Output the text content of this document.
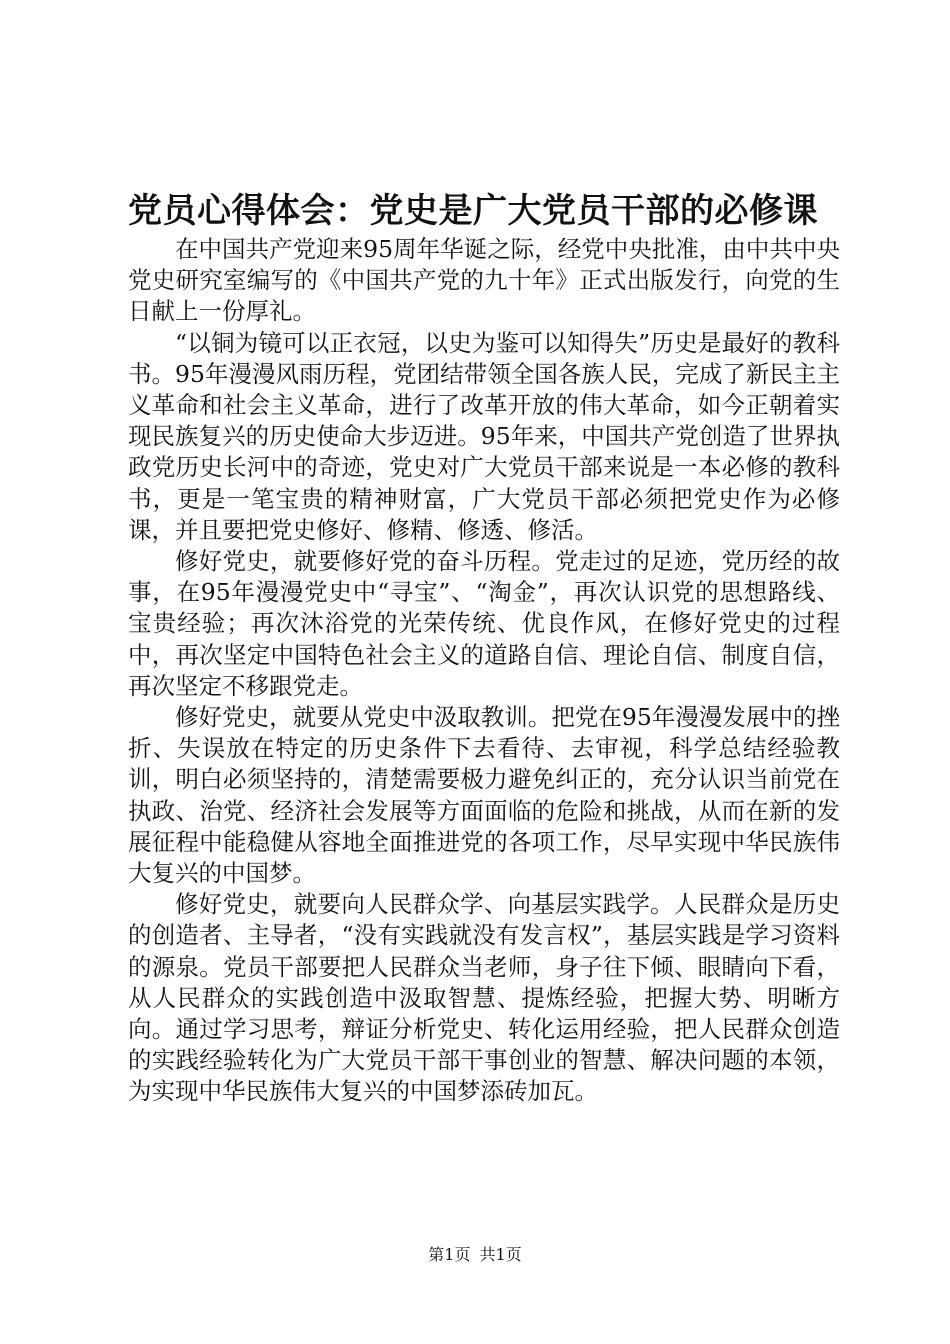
党员心得体会：党史是广大党员干部的必修课

在中国共产党迎来95周年华诞之际，经党中央批准，由中共中央党史研究室编写的《中国共产党的九十年》正式出版发行，向党的生日献上一份厚礼。

“以铜为镜可以正衣冠，以史为鉴可以知得失”历史是最好的教科书。95年漫漫风雨历程，党团结带领全国各族人民，完成了新民主主义革命和社会主义革命，进行了改革开放的伟大革命，如今正朝着实现民族复兴的历史使命大步迈进。95年来，中国共产党创造了世界执政党历史长河中的奇迹，党史对广大党员干部来说是一本必修的教科书，更是一笔宝贵的精神财富，广大党员干部必须把党史作为必修课，并且要把党史修好、修精、修透、修活。

修好党史，就要修好党的奋斗历程。党走过的足迹，党历经的故事，在95年漫漫党史中“寻宝”、“淘金”，再次认识党的思想路线、宝贵经验；再次沐浴党的光荣传统、优良作风，在修好党史的过程中，再次坚定中国特色社会主义的道路自信、理论自信、制度自信，再次坚定不移跟党走。

修好党史，就要从党史中汲取教训。把党在95年漫漫发展中的挫折、失误放在特定的历史条件下去看待、去审视，科学总结经验教训，明白必须坚持的，清楚需要极力避免纠正的，充分认识当前党在执政、治党、经济社会发展等方面面临的危险和挑战，从而在新的发展征程中能稳健从容地全面推进党的各项工作，尽早实现中华民族伟大复兴的中国梦。

修好党史，就要向人民群众学、向基层实践学。人民群众是历史的创造者、主导者，“没有实践就没有发言权”，基层实践是学习资料的源泉。党员干部要把人民群众当老师，身子往下倾、眼睛向下看，从人民群众的实践创造中汲取智慧、提炼经验，把握大势、明晰方向。通过学习思考，辩证分析党史、转化运用经验，把人民群众创造的实践经验转化为广大党员干部干事创业的智慧、解决问题的本领，为实现中华民族伟大复兴的中国梦添砖加瓦。

第1页 共1页
